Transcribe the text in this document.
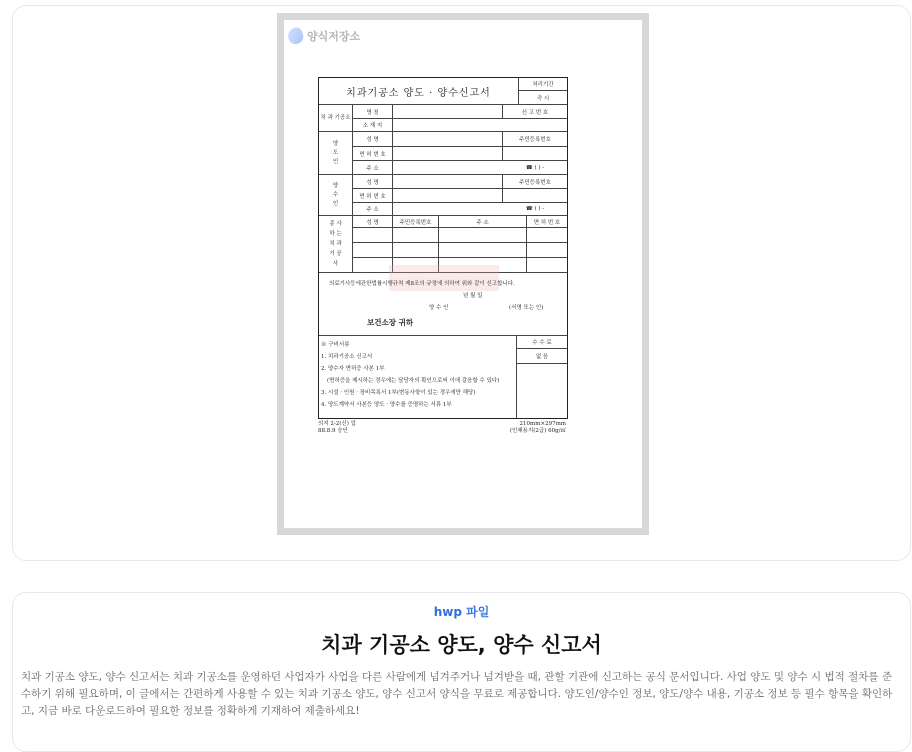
양식저장소
치과기공소 양도 · 양수신고서
처리기간
즉 시
치 과 기공소
명 칭	신 고 번 호
소 재 지
양 도 인
성 명	주민등록번호
면 허 번 호
주 소	☎ ( ) -
양 수 인
성 명	주민등록번호
면 허 번 호
주 소	☎ ( ) -
종 사 하 는 치 과 기 공 사
성 명	주민등록번호	주 소	면 허 번 호
의료기사등에관한법률시행규칙 제8조의 규정에 의하여 위와 같이 신고합니다.
년 월 일
양 수 인	(서명 또는 인)
보건소장 귀하
※ 구비서류
1. 치과기공소 신고서
2. 양수자 면허증 사본 1부
(면허증을 제시하는 경우에는 담당자의 확인으로써 이에 갈음할 수 있다)
3. 시설 · 인원 · 장비목록서 1부(변동사항이 있는 경우에만 해당)
4. 양도계약서 사본등 양도 · 양수를 증명하는 서류 1부
수 수 료
없 음
의지 2-2(신) 업
88.8.9 승인
210mm×297mm
(인쇄용지(2급) 60g/㎡
hwp 파일
치과 기공소 양도, 양수 신고서
치과 기공소 양도, 양수 신고서는 치과 기공소를 운영하던 사업자가 사업을 다른 사람에게 넘겨주거나 넘겨받을 때, 관할 기관에 신고하는 공식 문서입니다. 사업 양도 및 양수 시 법적 절차를 준수하기 위해 필요하며, 이 글에서는 간편하게 사용할 수 있는 치과 기공소 양도, 양수 신고서 양식을 무료로 제공합니다. 양도인/양수인 정보, 양도/양수 내용, 기공소 정보 등 필수 항목을 확인하고, 지금 바로 다운로드하여 필요한 정보를 정확하게 기재하여 제출하세요!
